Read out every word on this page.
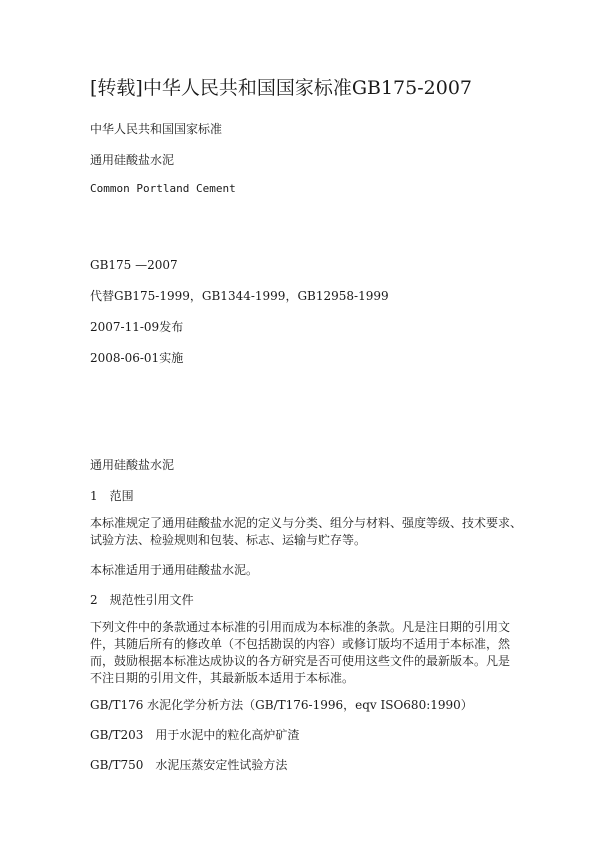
[转载]中华人民共和国国家标准GB175-2007

中华人民共和国国家标准

通用硅酸盐水泥

Common Portland Cement

GB175 —2007

代替GB175-1999，GB1344-1999，GB12958-1999

2007-11-09发布

2008-06-01实施

通用硅酸盐水泥

1　范围

本标准规定了通用硅酸盐水泥的定义与分类、组分与材料、强度等级、技术要求、
试验方法、检验规则和包装、标志、运输与贮存等。

本标准适用于通用硅酸盐水泥。

2　规范性引用文件

下列文件中的条款通过本标准的引用而成为本标准的条款。凡是注日期的引用文
件，其随后所有的修改单（不包括勘误的内容）或修订版均不适用于本标准，然
而，鼓励根据本标准达成协议的各方研究是否可使用这些文件的最新版本。凡是
不注日期的引用文件，其最新版本适用于本标准。

GB/T176 水泥化学分析方法（GB/T176-1996，eqv ISO680:1990）

GB/T203　用于水泥中的粒化高炉矿渣

GB/T750　水泥压蒸安定性试验方法
